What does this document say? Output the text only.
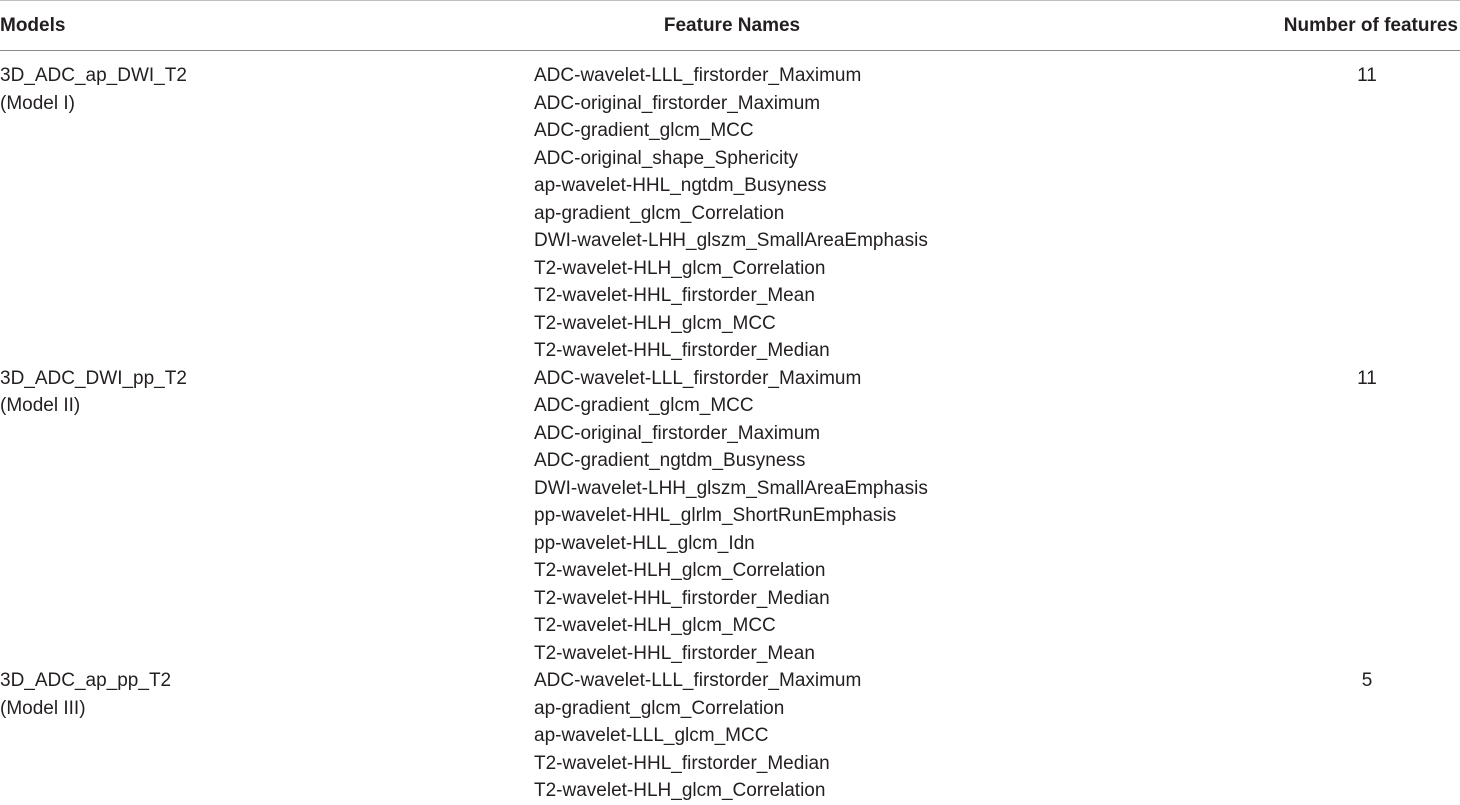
Models	Feature Names	Number of features
3D_ADC_ap_DWI_T2
(Model I)
ADC-wavelet-LLL_firstorder_Maximum
ADC-original_firstorder_Maximum
ADC-gradient_glcm_MCC
ADC-original_shape_Sphericity
ap-wavelet-HHL_ngtdm_Busyness
ap-gradient_glcm_Correlation
DWI-wavelet-LHH_glszm_SmallAreaEmphasis
T2-wavelet-HLH_glcm_Correlation
T2-wavelet-HHL_firstorder_Mean
T2-wavelet-HLH_glcm_MCC
T2-wavelet-HHL_firstorder_Median
11
3D_ADC_DWI_pp_T2
(Model II)
ADC-wavelet-LLL_firstorder_Maximum
ADC-gradient_glcm_MCC
ADC-original_firstorder_Maximum
ADC-gradient_ngtdm_Busyness
DWI-wavelet-LHH_glszm_SmallAreaEmphasis
pp-wavelet-HHL_glrlm_ShortRunEmphasis
pp-wavelet-HLL_glcm_Idn
T2-wavelet-HLH_glcm_Correlation
T2-wavelet-HHL_firstorder_Median
T2-wavelet-HLH_glcm_MCC
T2-wavelet-HHL_firstorder_Mean
11
3D_ADC_ap_pp_T2
(Model III)
ADC-wavelet-LLL_firstorder_Maximum
ap-gradient_glcm_Correlation
ap-wavelet-LLL_glcm_MCC
T2-wavelet-HHL_firstorder_Median
T2-wavelet-HLH_glcm_Correlation
5
